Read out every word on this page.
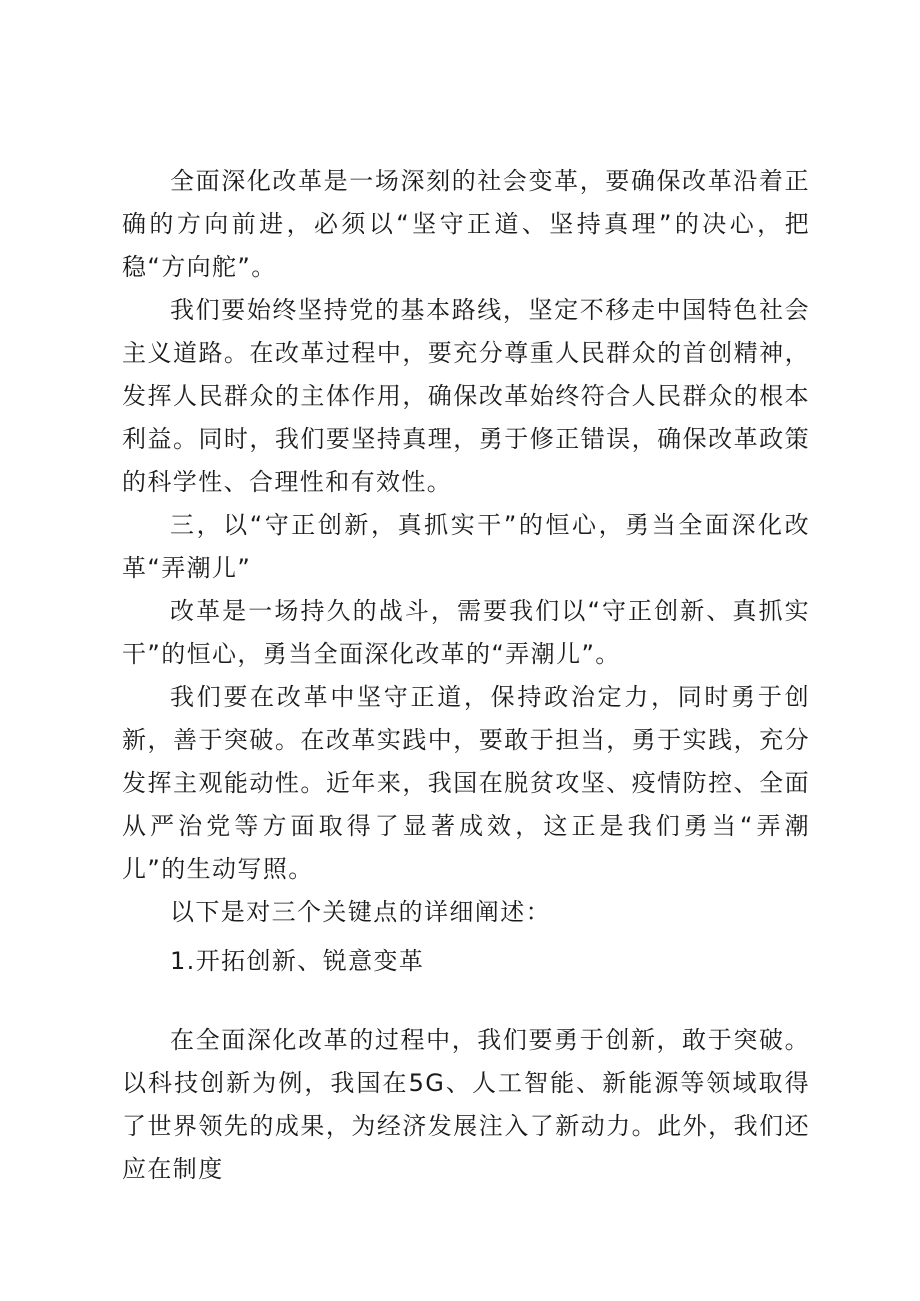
全面深化改革是一场深刻的社会变革，要确保改革沿着正确的方向前进，必须以“坚守正道、坚持真理”的决心，把稳“方向舵”。

我们要始终坚持党的基本路线，坚定不移走中国特色社会主义道路。在改革过程中，要充分尊重人民群众的首创精神，发挥人民群众的主体作用，确保改革始终符合人民群众的根本利益。同时，我们要坚持真理，勇于修正错误，确保改革政策的科学性、合理性和有效性。

三，以“守正创新，真抓实干”的恒心，勇当全面深化改革“弄潮儿”

改革是一场持久的战斗，需要我们以“守正创新、真抓实干”的恒心，勇当全面深化改革的“弄潮儿”。

我们要在改革中坚守正道，保持政治定力，同时勇于创新，善于突破。在改革实践中，要敢于担当，勇于实践，充分发挥主观能动性。近年来，我国在脱贫攻坚、疫情防控、全面从严治党等方面取得了显著成效，这正是我们勇当“弄潮儿”的生动写照。

以下是对三个关键点的详细阐述：

1.开拓创新、锐意变革

在全面深化改革的过程中，我们要勇于创新，敢于突破。以科技创新为例，我国在5G、人工智能、新能源等领域取得了世界领先的成果，为经济发展注入了新动力。此外，我们还应在制度
